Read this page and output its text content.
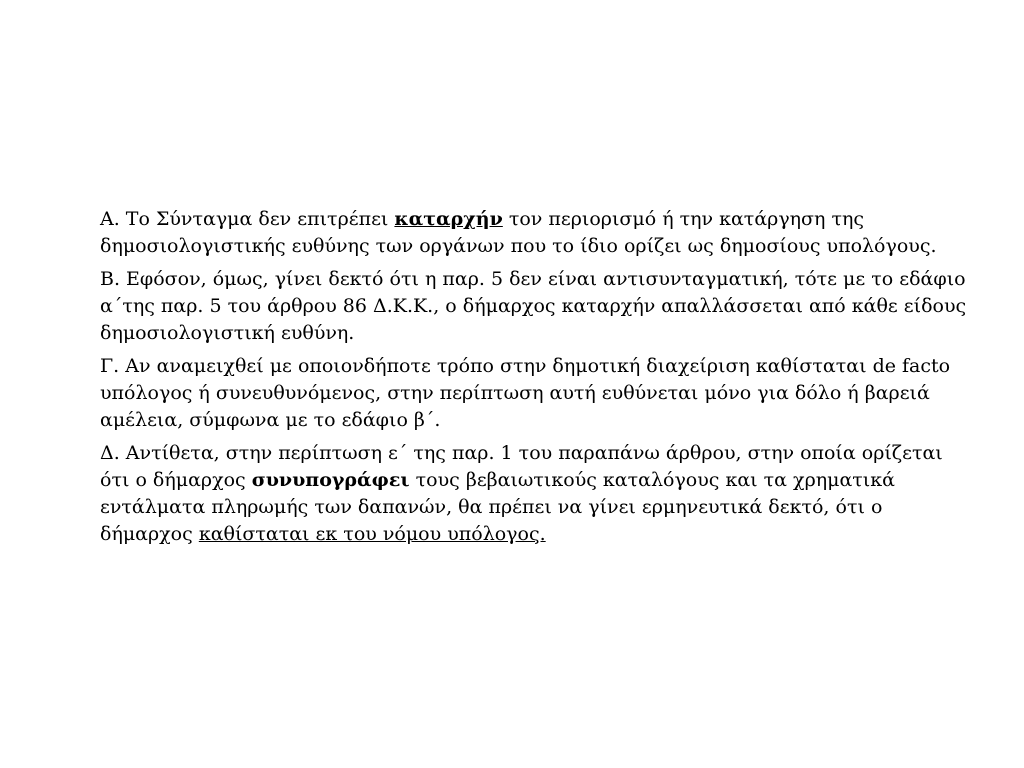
Α. Το Σύνταγμα δεν επιτρέπει καταρχήν τον περιορισμό ή την κατάργηση της δημοσιολογιστικής ευθύνης των οργάνων που το ίδιο ορίζει ως δημοσίους υπολόγους.

Β. Εφόσον, όμως, γίνει δεκτό ότι η παρ. 5 δεν είναι αντισυνταγματική, τότε με το εδάφιο α΄της παρ. 5 του άρθρου 86 Δ.Κ.Κ., ο δήμαρχος καταρχήν απαλλάσσεται από κάθε είδους δημοσιολογιστική ευθύνη.

Γ. Αν αναμειχθεί με οποιονδήποτε τρόπο στην δημοτική διαχείριση καθίσταται de facto υπόλογος ή συνευθυνόμενος, στην περίπτωση αυτή ευθύνεται μόνο για δόλο ή βαρειά αμέλεια, σύμφωνα με το εδάφιο β΄.

Δ. Αντίθετα, στην περίπτωση ε΄ της παρ. 1 του παραπάνω άρθρου, στην οποία ορίζεται ότι ο δήμαρχος συνυπογράφει τους βεβαιωτικούς καταλόγους και τα χρηματικά εντάλματα πληρωμής των δαπανών, θα πρέπει να γίνει ερμηνευτικά δεκτό, ότι ο δήμαρχος καθίσταται εκ του νόμου υπόλογος.
